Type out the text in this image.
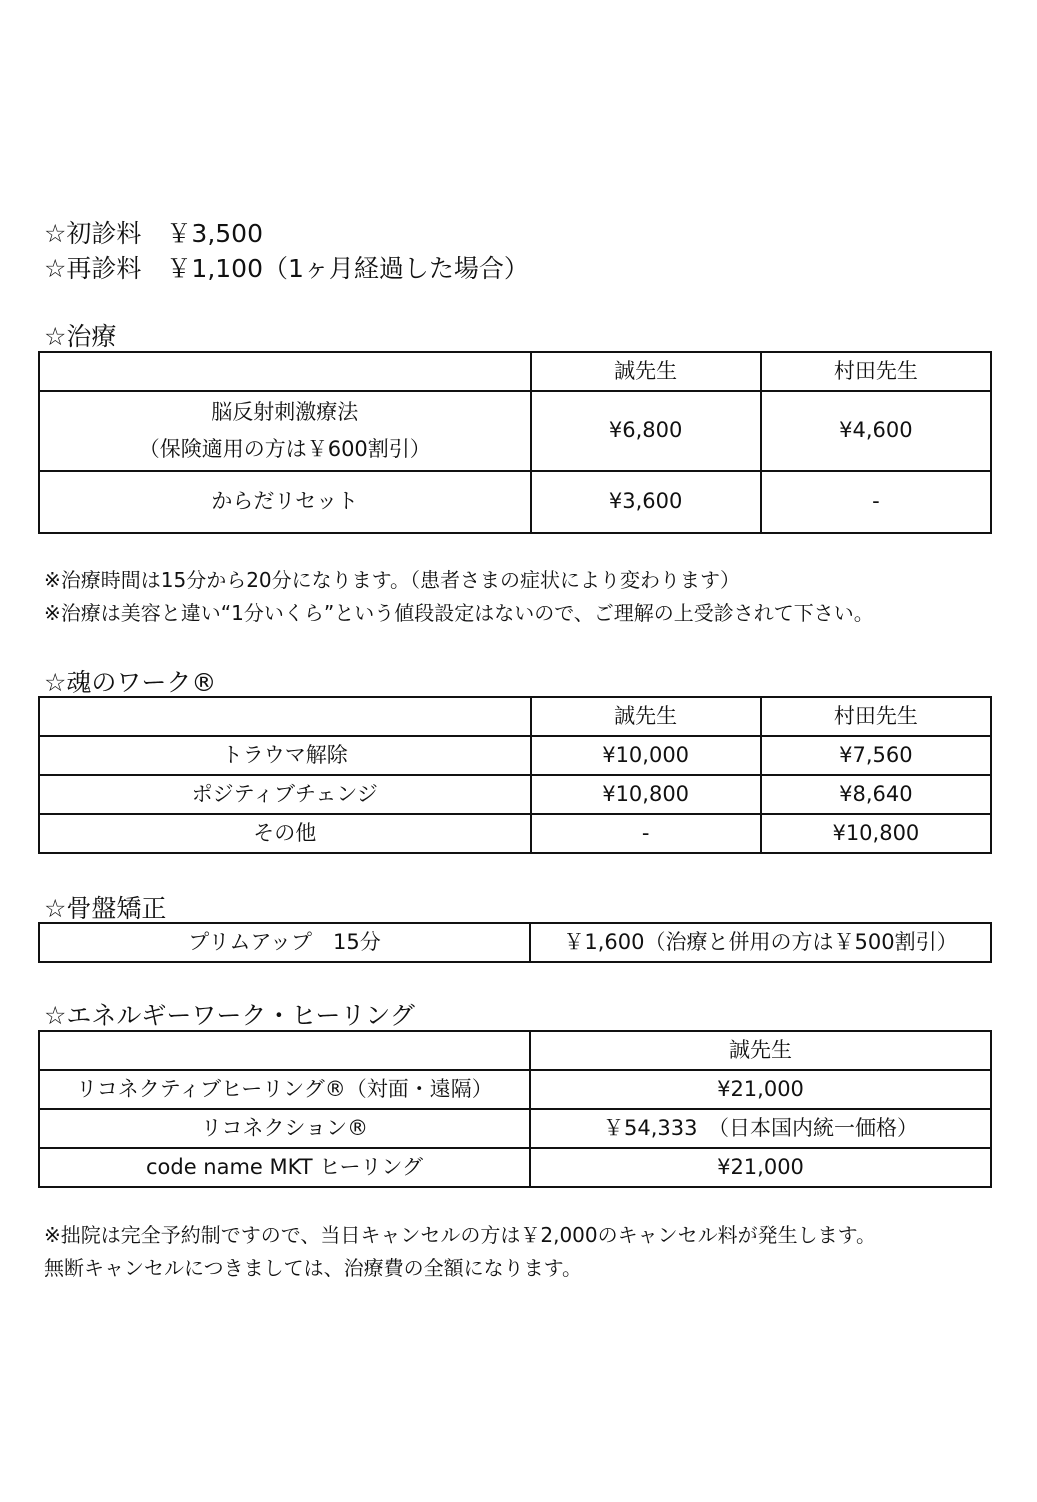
☆初診料　￥3,500

☆再診料　￥1,100（1ヶ月経過した場合）

☆治療

	誠先生	村田先生

脳反射刺激療法
（保険適用の方は￥600割引）	¥6,800	¥4,600
からだリセット	¥3,600	-

※治療時間は15分から20分になります。（患者さまの症状により変わります）

※治療は美容と違い“1分いくら”という値段設定はないので、ご理解の上受診されて下さい。

☆魂のワーク®

	誠先生	村田先生
トラウマ解除	¥10,000	¥7,560
ポジティブチェンジ	¥10,800	¥8,640
その他	-	¥10,800

☆骨盤矯正

プリムアップ　15分	￥1,600（治療と併用の方は￥500割引）

☆エネルギーワーク・ヒーリング

	誠先生
リコネクティブヒーリング®（対面・遠隔）	¥21,000
リコネクション®	￥54,333　（日本国内統一価格）
code name MKT ヒーリング	¥21,000

※拙院は完全予約制ですので、当日キャンセルの方は￥2,000のキャンセル料が発生します。

無断キャンセルにつきましては、治療費の全額になります。
